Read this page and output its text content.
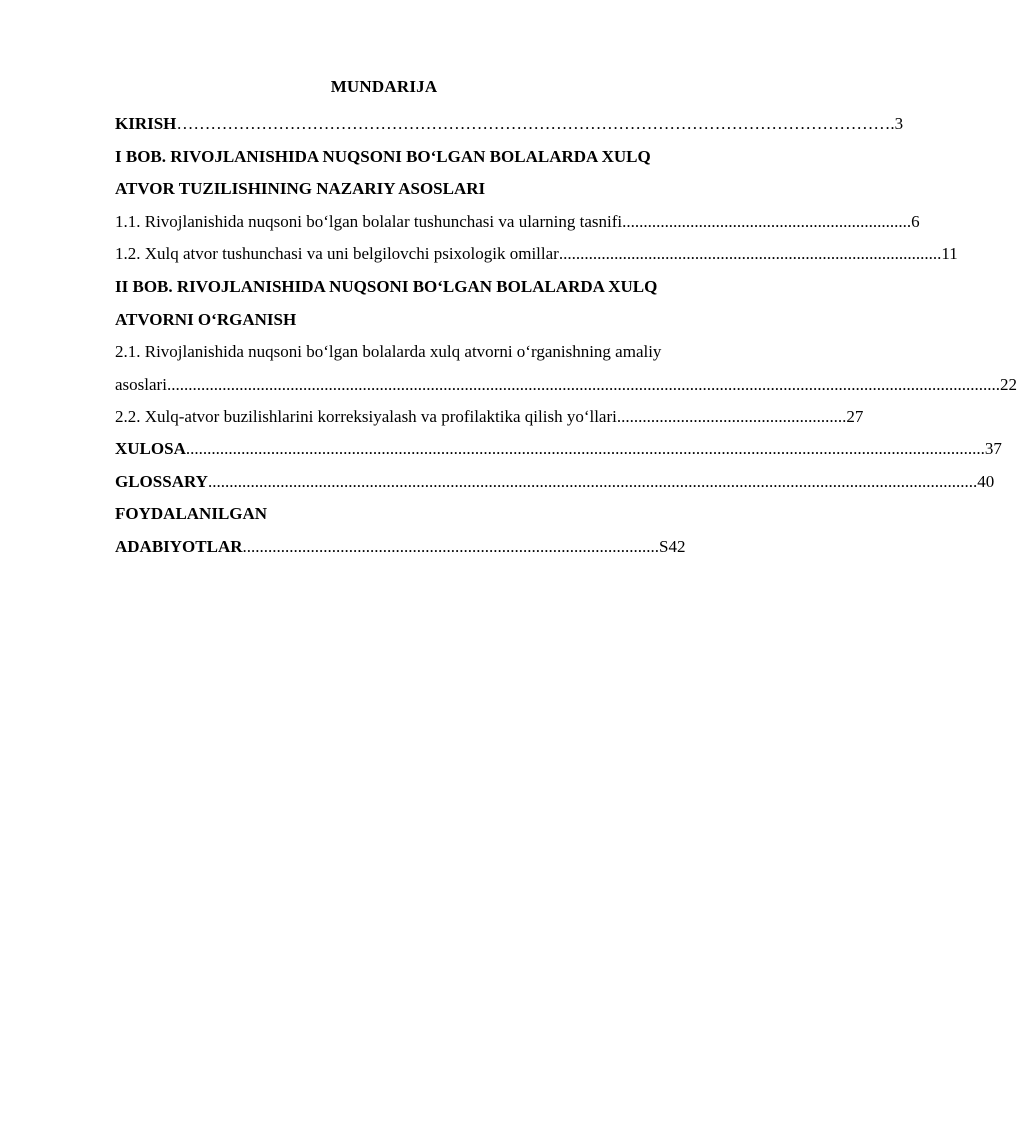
MUNDARIJA
KIRISH ……………………………………………………………………………………………………………… .3
I BOB. RIVOJLANISHIDA NUQSONI BO‘LGAN BOLALARDA XULQ
ATVOR TUZILISHINING NAZARIY ASOSLARI
1.1. Rivojlanishida nuqsoni bo‘lgan bolalar tushunchasi va ularning tasnifi .................................................................... 6
1.2. Xulq atvor tushunchasi va uni belgilovchi psixologik omillar .......................................................................................... 11
II BOB. RIVOJLANISHIDA NUQSONI BO‘LGAN BOLALARDA XULQ
ATVORNI O‘RGANISH
2.1. Rivojlanishida nuqsoni bo‘lgan bolalarda xulq atvorni o‘rganishning amaliy
asoslari .................................................................................................................................................................................................... 22
2.2. Xulq-atvor buzilishlarini korreksiyalash va profilaktika qilish yo‘llari ...................................................... 27
XULOSA ............................................................................................................................................................................................ 37
GLOSSARY ..................................................................................................................................................................................... 40
FOYDALANILGAN
ADABIYOTLAR .................................................................................................. S42
